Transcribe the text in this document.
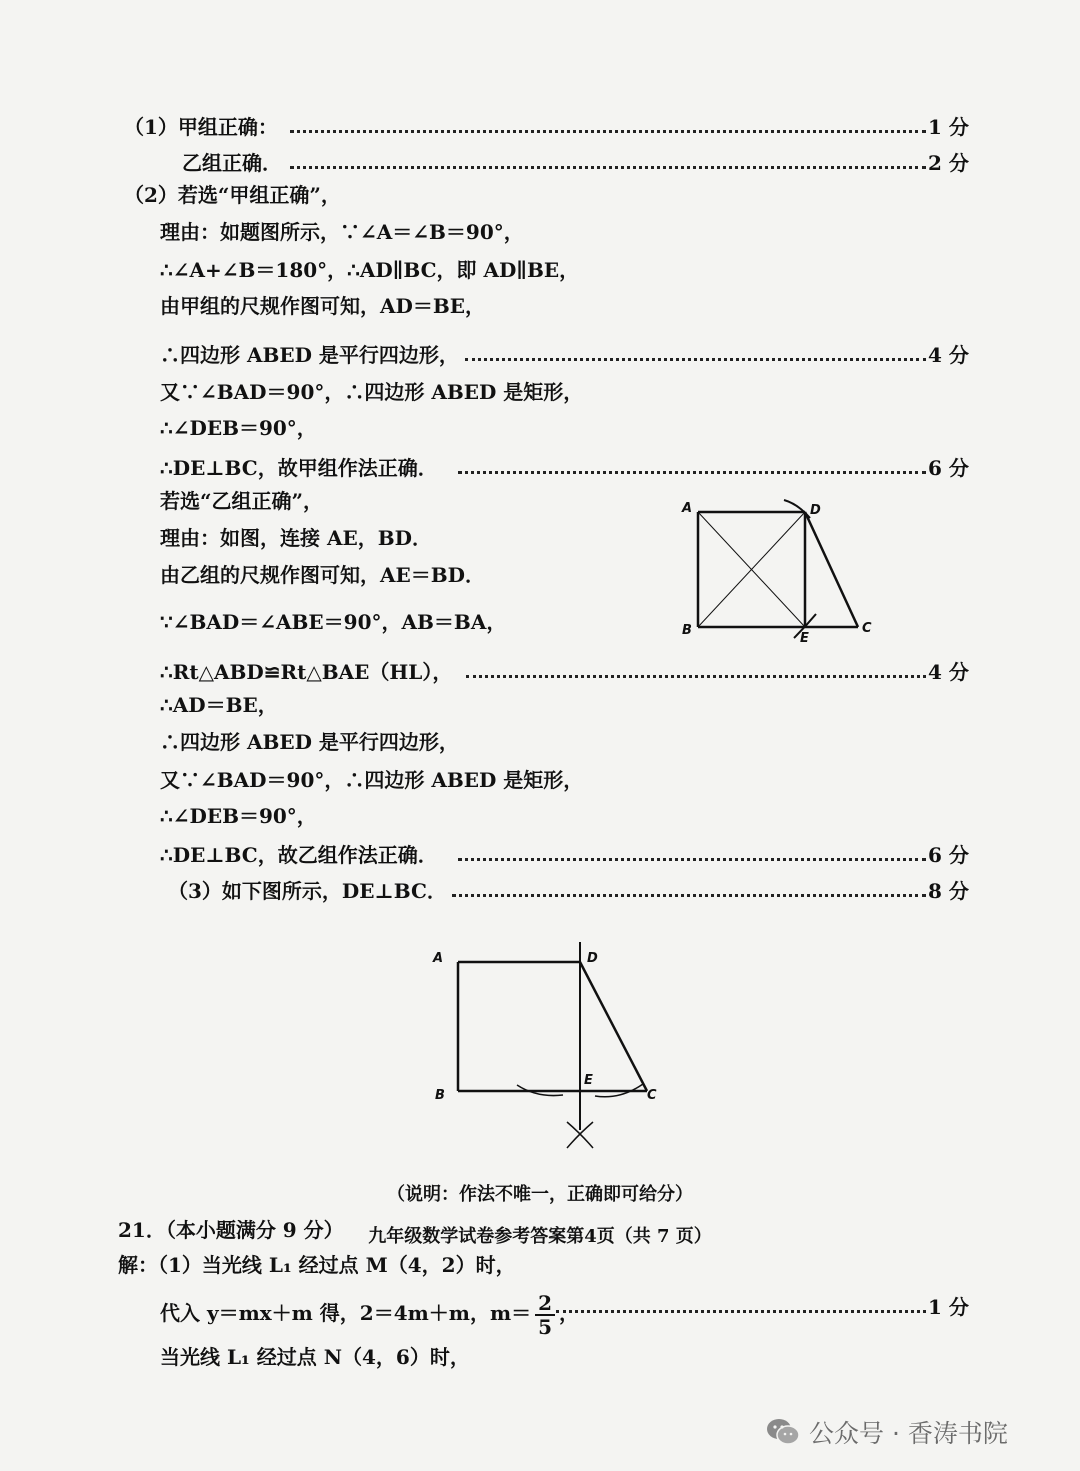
（1）甲组正确：	1 分
乙组正确．	2 分
（2）若选“甲组正确”，
理由：如题图所示，∵∠A＝∠B＝90°，
∴∠A+∠B＝180°，∴AD∥BC，即 AD∥BE，
由甲组的尺规作图可知，AD＝BE，
∴四边形 ABED 是平行四边形，	4 分
又∵∠BAD＝90°，∴四边形 ABED 是矩形，
∴∠DEB＝90°，
∴DE⊥BC，故甲组作法正确．	6 分
若选“乙组正确”，
理由：如图，连接 AE，BD．
由乙组的尺规作图可知，AE＝BD．
∵∠BAD＝∠ABE＝90°，AB＝BA，
∴Rt△ABD≌Rt△BAE（HL），	4 分
∴AD＝BE，
∴四边形 ABED 是平行四边形，
又∵∠BAD＝90°，∴四边形 ABED 是矩形，
∴∠DEB＝90°，
∴DE⊥BC，故乙组作法正确．	6 分
（3）如下图所示，DE⊥BC．	8 分
A	D
B
E
C
A	D
B
E
C
（说明：作法不唯一，正确即可给分）
21．（本小题满分 9 分）
解：（1）当光线 L₁ 经过点 M（4，2）时，
代入 y＝mx＋m 得，2＝4m＋m，$m= \frac{2}{5}$ ，	1 分
当光线 L₁ 经过点 N（4，6）时，
九年级数学试卷参考答案第4页（共 7 页）
公众号 · 香涛书院
